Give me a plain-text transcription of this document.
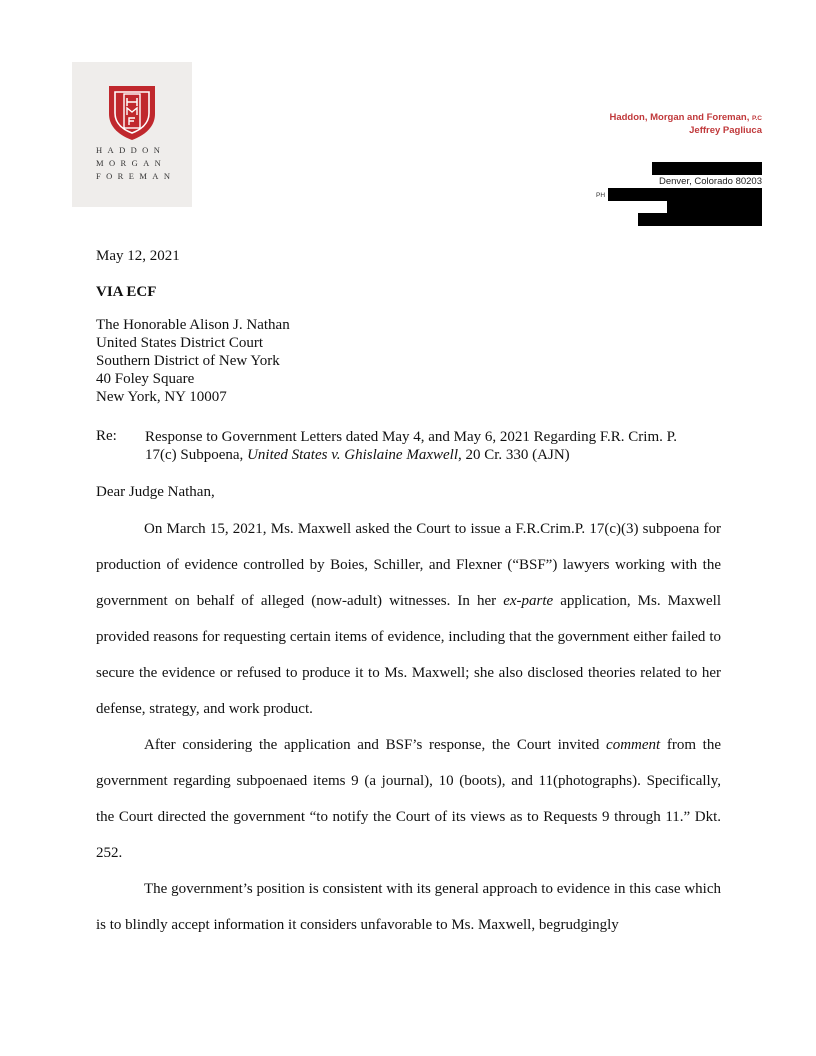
HADDON
MORGAN
FOREMAN
Haddon, Morgan and Foreman, P.C
Jeffrey Pagliuca
Denver, Colorado 80203
PH
May 12, 2021
VIA ECF
The Honorable Alison J. Nathan
United States District Court
Southern District of New York
40 Foley Square
New York, NY 10007
Re: Response to Government Letters dated May 4, and May 6, 2021 Regarding F.R. Crim. P.
17(c) Subpoena, United States v. Ghislaine Maxwell, 20 Cr. 330 (AJN)
Dear Judge Nathan,
On March 15, 2021, Ms. Maxwell asked the Court to issue a F.R.Crim.P. 17(c)(3) subpoena for production of evidence controlled by Boies, Schiller, and Flexner (“BSF”) lawyers working with the government on behalf of alleged (now-adult) witnesses. In her ex-parte application, Ms. Maxwell provided reasons for requesting certain items of evidence, including that the government either failed to secure the evidence or refused to produce it to Ms. Maxwell; she also disclosed theories related to her defense, strategy, and work product.
After considering the application and BSF’s response, the Court invited comment from the government regarding subpoenaed items 9 (a journal), 10 (boots), and 11(photographs). Specifically, the Court directed the government “to notify the Court of its views as to Requests 9 through 11.” Dkt. 252.
The government’s position is consistent with its general approach to evidence in this case which is to blindly accept information it considers unfavorable to Ms. Maxwell, begrudgingly
